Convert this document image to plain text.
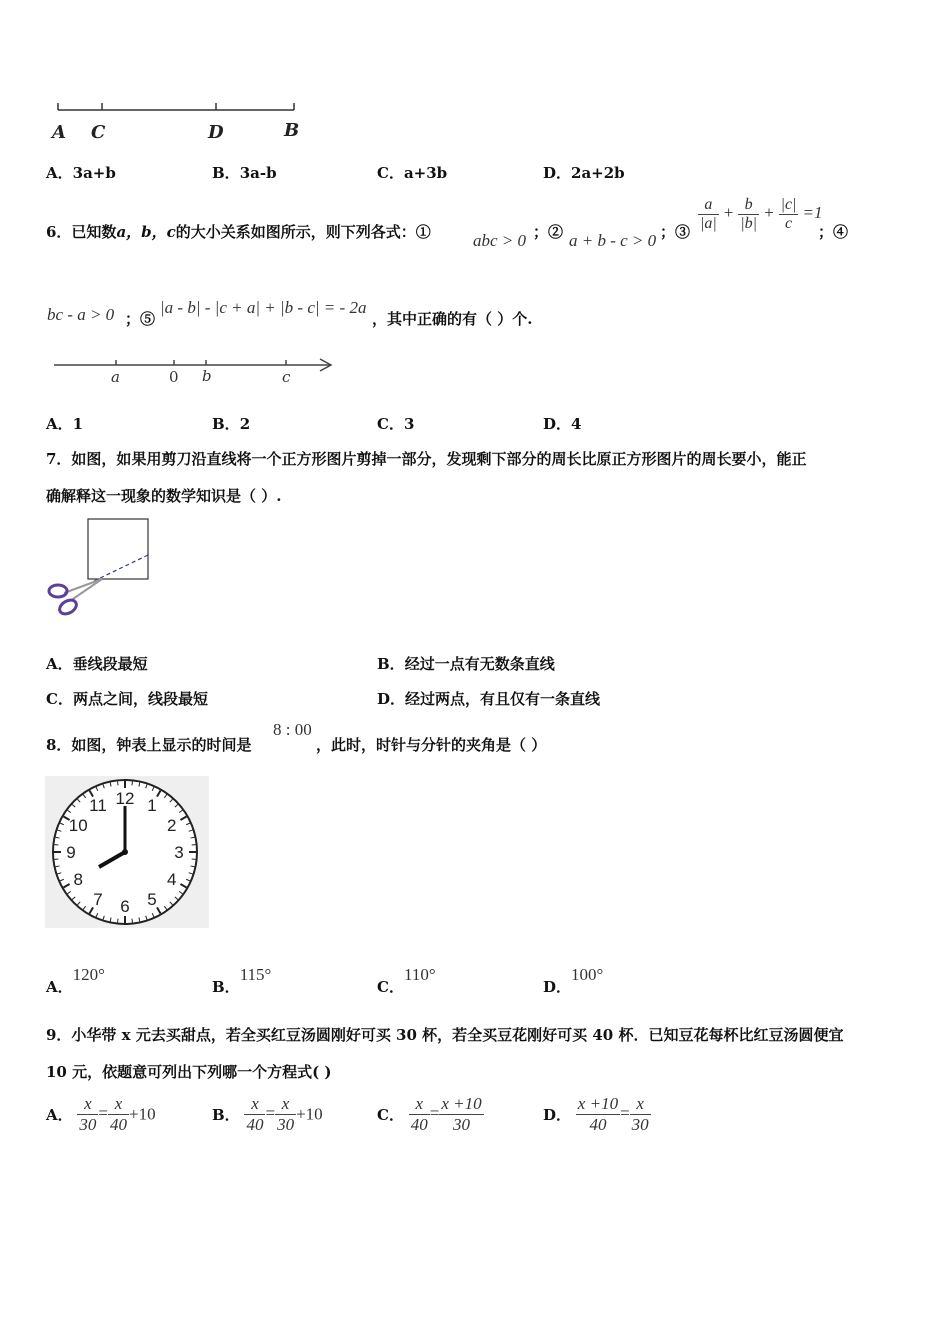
A C	D	B
A．3a+b	B．3a-b	C．a+3b	D．2a+2b
6．已知数a，b，c的大小关系如图所示，则下列各式：① abc > 0 ；② a + b - c > 0 ；③ $\frac{a}{|a|} + \frac{b}{|b|} + \frac{|c|}{c} =1$
；④
bc - a > 0 ；⑤
|a - b| - |c + a| + |b - c| = - 2a
，其中正确的有（ ）个.
a	0 b	c
A．1	B．2	C．3	D．4
7．如图，如果用剪刀沿直线将一个正方形图片剪掉一部分，发现剩下部分的周长比原正方形图片的周长要小，能正
确解释这一现象的数学知识是（ ）.
A．垂线段最短	B．经过一点有无数条直线
C．两点之间，线段最短	D．经过两点，有且仅有一条直线
8．如图，钟表上显示的时间是
8 : 00
，此时，时针与分针的夹角是（ ）
12 1
2
3
4
5
6
7
8
9
10
11
A．120°
B．115°
C．110°
D．100°
9．小华带 x 元去买甜点，若全买红豆汤圆刚好可买 30 杯，若全买豆花刚好可买 40 杯．已知豆花每杯比红豆汤圆便宜
10 元，依题意可列出下列哪一个方程式( )
A． $\frac{x}{30} = \frac{x}{40} +10$	B． $\frac{x}{40} = \frac{x}{30} +10$	C． $\frac{x}{40} = \frac{x +10}{30}$	D． $\frac{x +10}{40} = \frac{x}{30}$
